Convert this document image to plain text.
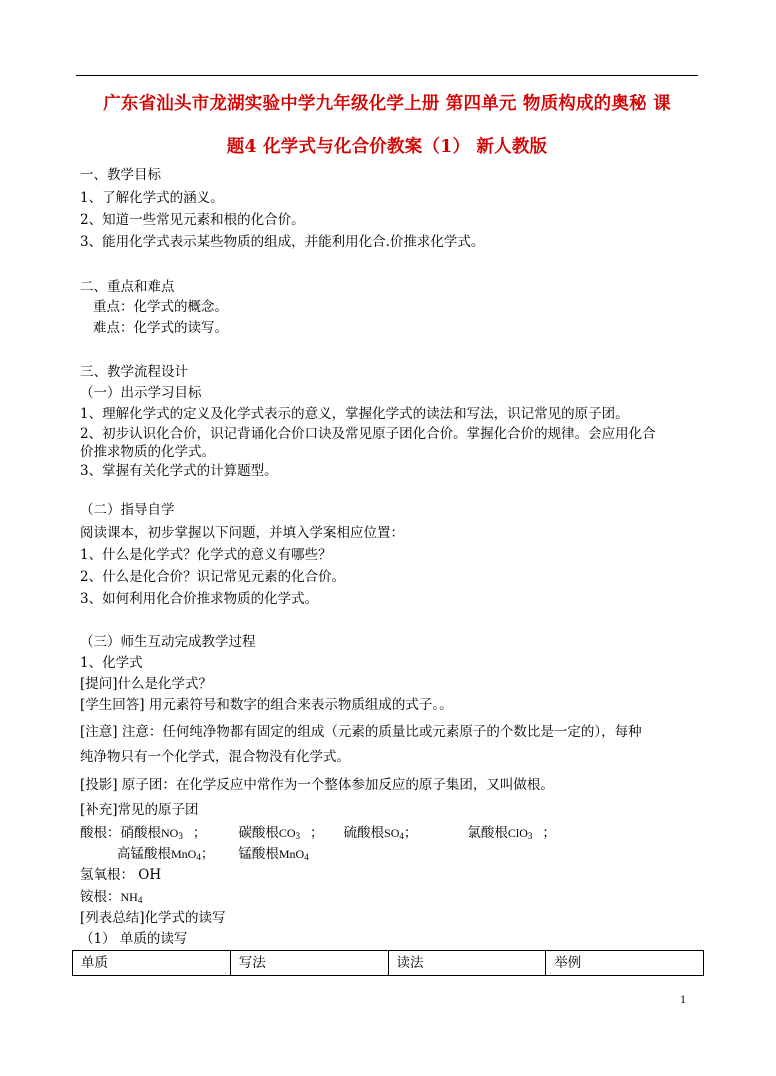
广东省汕头市龙湖实验中学九年级化学上册 第四单元 物质构成的奥秘 课
题4 化学式与化合价教案（1） 新人教版
一、教学目标
1、了解化学式的涵义。
2、知道一些常见元素和根的化合价。
3、能用化学式表示某些物质的组成，并能利用化合.价推求化学式。
二、重点和难点
重点：化学式的概念。
难点：化学式的读写。
三、教学流程设计
（一）出示学习目标
1、理解化学式的定义及化学式表示的意义，掌握化学式的读法和写法，识记常见的原子团。
2、初步认识化合价，识记背诵化合价口诀及常见原子团化合价。掌握化合价的规律。会应用化合
价推求物质的化学式。
3、掌握有关化学式的计算题型。
（二）指导自学
阅读课本，初步掌握以下问题，并填入学案相应位置：
1、什么是化学式？化学式的意义有哪些？
2、什么是化合价？识记常见元素的化合价。
3、如何利用化合价推求物质的化学式。
（三）师生互动完成教学过程
1、化学式
[提问]什么是化学式？
[学生回答] 用元素符号和数字的组合来表示物质组成的式子。。
[注意] 注意：任何纯净物都有固定的组成（元素的质量比或元素原子的个数比是一定的），每种
纯净物只有一个化学式，混合物没有化学式。
[投影] 原子团：在化学反应中常作为一个整体参加反应的原子集团，又叫做根。
[补充]常见的原子团
酸根：硝酸根$NO_3$ ； 碳酸根$CO_3$ ； 硫酸根$SO_4$；	氯酸根ClO$_3$ ；
高锰酸根MnO$_4$； 锰酸根MnO$_4$
氢氧根： OH
铵根：$NH_4$
[列表总结]化学式的读写
（1） 单质的读写
单质	写法	读法	举例
1
